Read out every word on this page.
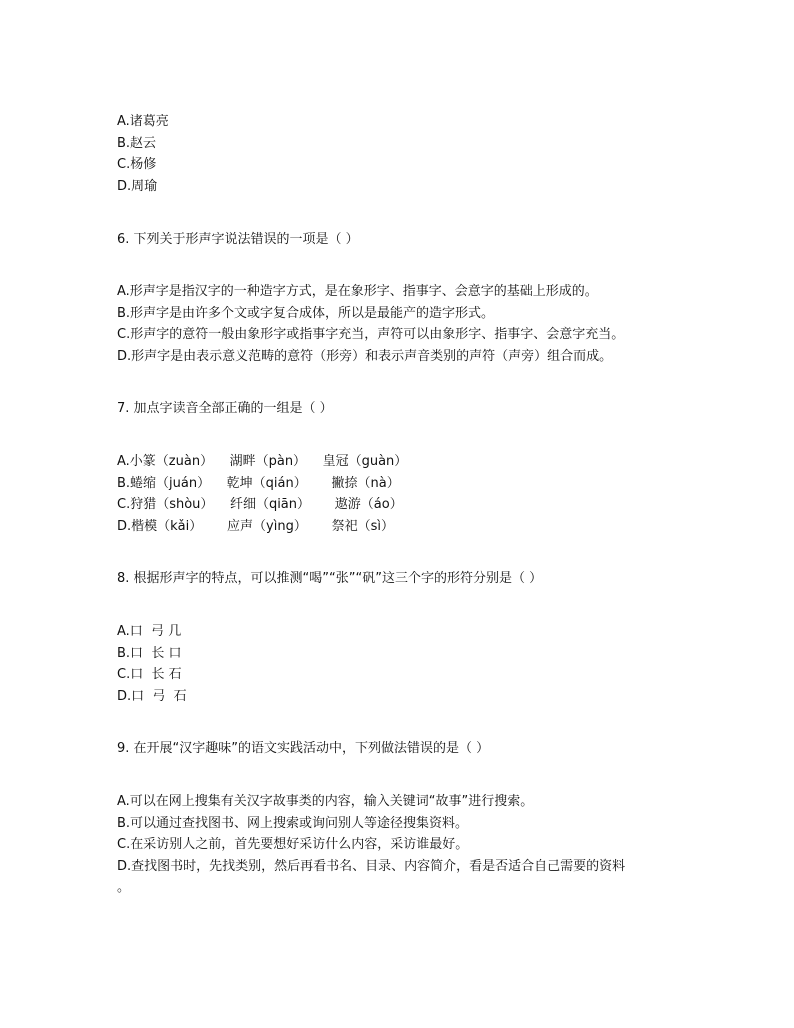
A.诸葛亮
B.赵云
C.杨修
D.周瑜
6. 下列关于形声字说法错误的一项是（ ）
A.形声字是指汉字的一种造字方式，是在象形字、指事字、会意字的基础上形成的。
B.形声字是由许多个文或字复合成体，所以是最能产的造字形式。
C.形声字的意符一般由象形字或指事字充当，声符可以由象形字、指事字、会意字充当。
D.形声字是由表示意义范畴的意符（形旁）和表示声音类别的声符（声旁）组合而成。
7. 加点字读音全部正确的一组是（ ）
A.小篆（zuàn）    湖畔（pàn）    皇冠（guàn）
B.蜷缩（juán）    乾坤（qián）      撇捺（nà）
C.狩猎（shòu）    纤细（qiān）      遨游（áo）
D.楷模（kǎi）      应声（yìng）      祭祀（sì）
8. 根据形声字的特点，可以推测“喝”“张”“矾”这三个字的形符分别是（ ）
A.口  弓 几
B.口  长 口
C.口  长 石
D.口  弓  石
9. 在开展“汉字趣味”的语文实践活动中，下列做法错误的是（ ）
A.可以在网上搜集有关汉字故事类的内容，输入关键词“故事”进行搜索。
B.可以通过查找图书、网上搜索或询问别人等途径搜集资料。
C.在采访别人之前，首先要想好采访什么内容，采访谁最好。
D.查找图书时，先找类别，然后再看书名、目录、内容简介，看是否适合自己需要的资料
。
